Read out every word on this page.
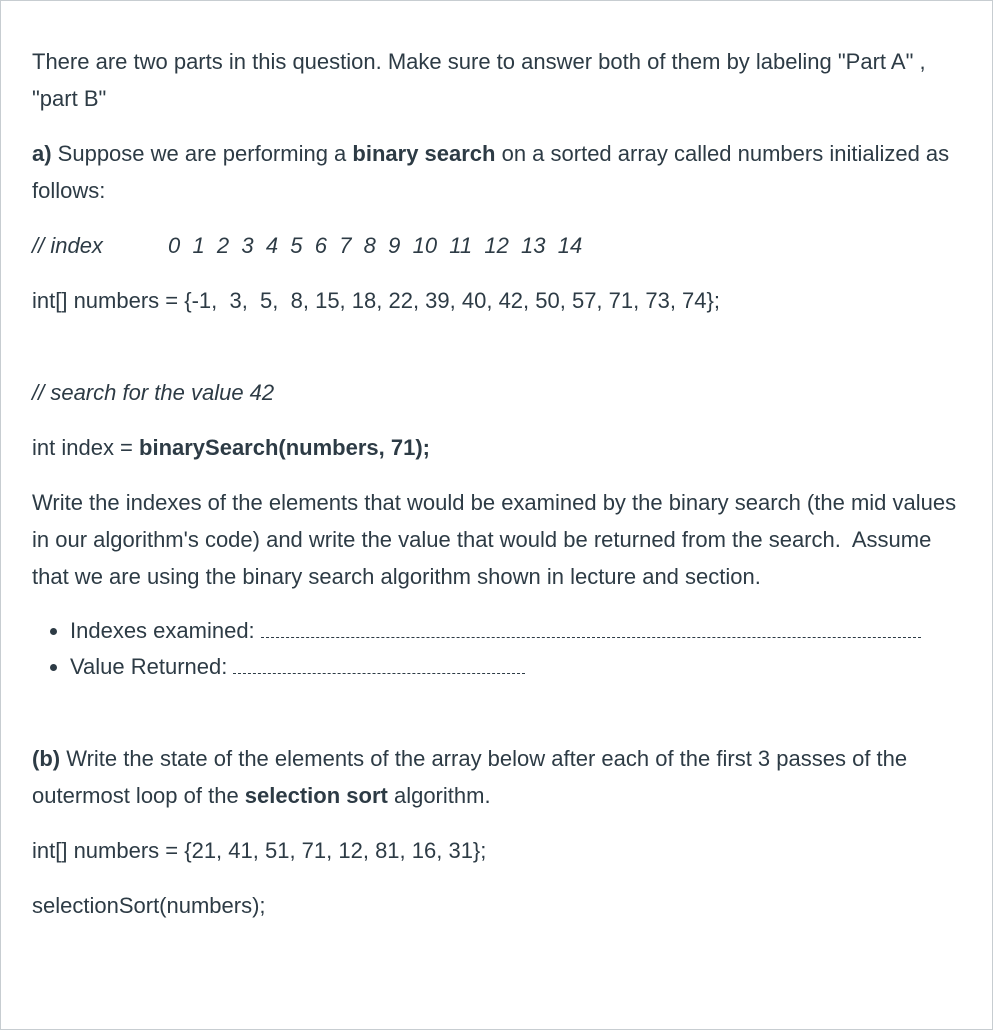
There are two parts in this question. Make sure to answer both of them by labeling "Part A" , "part B"

a) Suppose we are performing a binary search on a sorted array called numbers initialized as follows:

// index	0  1  2  3  4  5  6  7  8  9  10  11  12  13  14

int[] numbers = {-1,  3,  5,  8, 15, 18, 22, 39, 40, 42, 50, 57, 71, 73, 74};

// search for the value 42

int index = binarySearch(numbers, 71);

Write the indexes of the elements that would be examined by the binary search (the mid values in our algorithm's code) and write the value that would be returned from the search.  Assume that we are using the binary search algorithm shown in lecture and section.

• Indexes examined:
• Value Returned:

(b) Write the state of the elements of the array below after each of the first 3 passes of the outermost loop of the selection sort algorithm.

int[] numbers = {21, 41, 51, 71, 12, 81, 16, 31};

selectionSort(numbers);
